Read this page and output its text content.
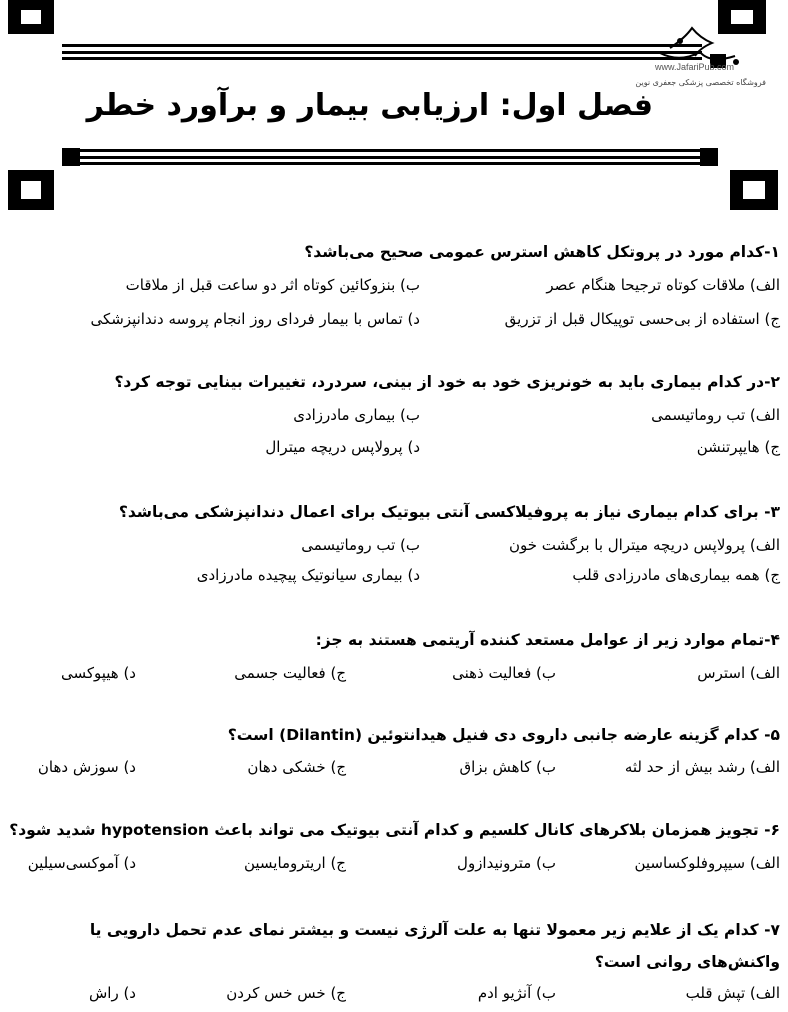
www.JafariPub.com
فروشگاه تخصصی پزشکی جعفری نوین
فصل اول: ارزیابی بیمار و برآورد خطر
۱-کدام مورد در پروتکل کاهش استرس عمومی صحیح می‌باشد؟
الف) ملاقات کوتاه ترجیحا هنگام عصر
ب) بنزوکائین کوتاه اثر دو ساعت قبل از ملاقات
ج) استفاده از بی‌حسی توپیکال قبل از تزریق
د) تماس با بیمار فردای روز انجام پروسه دندانپزشکی
۲-در کدام بیماری باید به خونریزی خود به خود از بینی، سردرد، تغییرات بینایی توجه کرد؟
الف) تب روماتیسمی
ب) بیماری مادرزادی
ج) هایپرتنشن
د) پرولاپس دریچه میترال
۳- برای کدام بیماری نیاز به پروفیلاکسی آنتی بیوتیک برای اعمال دندانپزشکی می‌باشد؟
الف) پرولاپس دریچه میترال با برگشت خون
ب) تب روماتیسمی
ج) همه بیماری‌های مادرزادی قلب
د) بیماری سیانوتیک پیچیده مادرزادی
۴-تمام موارد زیر از عوامل مستعد کننده آریتمی هستند به جز:
الف) استرس
ب) فعالیت ذهنی
ج) فعالیت جسمی
د) هیپوکسی
۵- کدام گزینه عارضه جانبی داروی دی فنیل هیدانتوئین (Dilantin) است؟
الف) رشد بیش از حد لثه
ب) کاهش بزاق
ج) خشکی دهان
د) سوزش دهان
۶- تجویز همزمان بلاکرهای کانال کلسیم و کدام آنتی بیوتیک می تواند باعث hypotension شدید شود؟
الف) سیپروفلوکساسین
ب) مترونیدازول
ج) اریترومایسین
د) آموکسی‌سیلین
۷- کدام یک از علایم زیر معمولا تنها به علت آلرژی نیست و بیشتر نمای عدم تحمل دارویی یا واکنش‌های روانی است؟
الف) تپش قلب
ب) آنژیو ادم
ج) خس خس کردن
د) راش
